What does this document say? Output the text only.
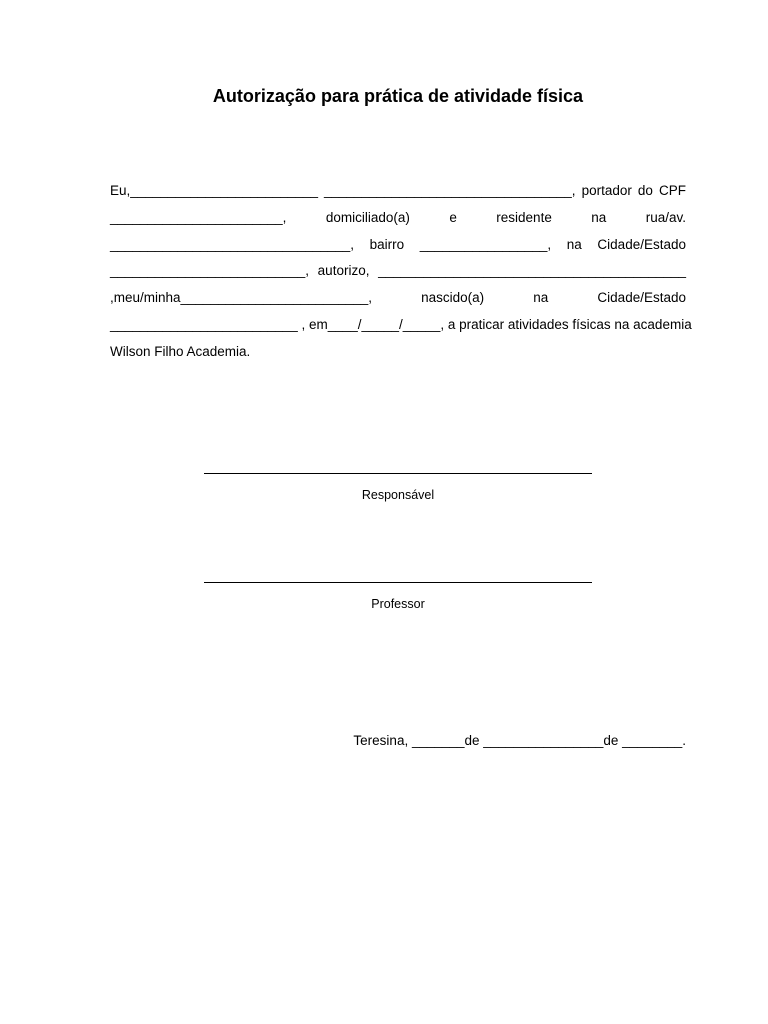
Autorização para prática de atividade física
Eu,_________________________ _________________________________, portador do CPF
_______________________, domiciliado(a) e residente na rua/av.
________________________________, bairro _________________, na Cidade/Estado
__________________________, autorizo, _________________________________________
,meu/minha_________________________, nascido(a) na Cidade/Estado
_________________________ , em____/_____/_____, a praticar atividades físicas na academia
Wilson Filho Academia.
Responsável
Professor
Teresina, _______de ________________de ________.
